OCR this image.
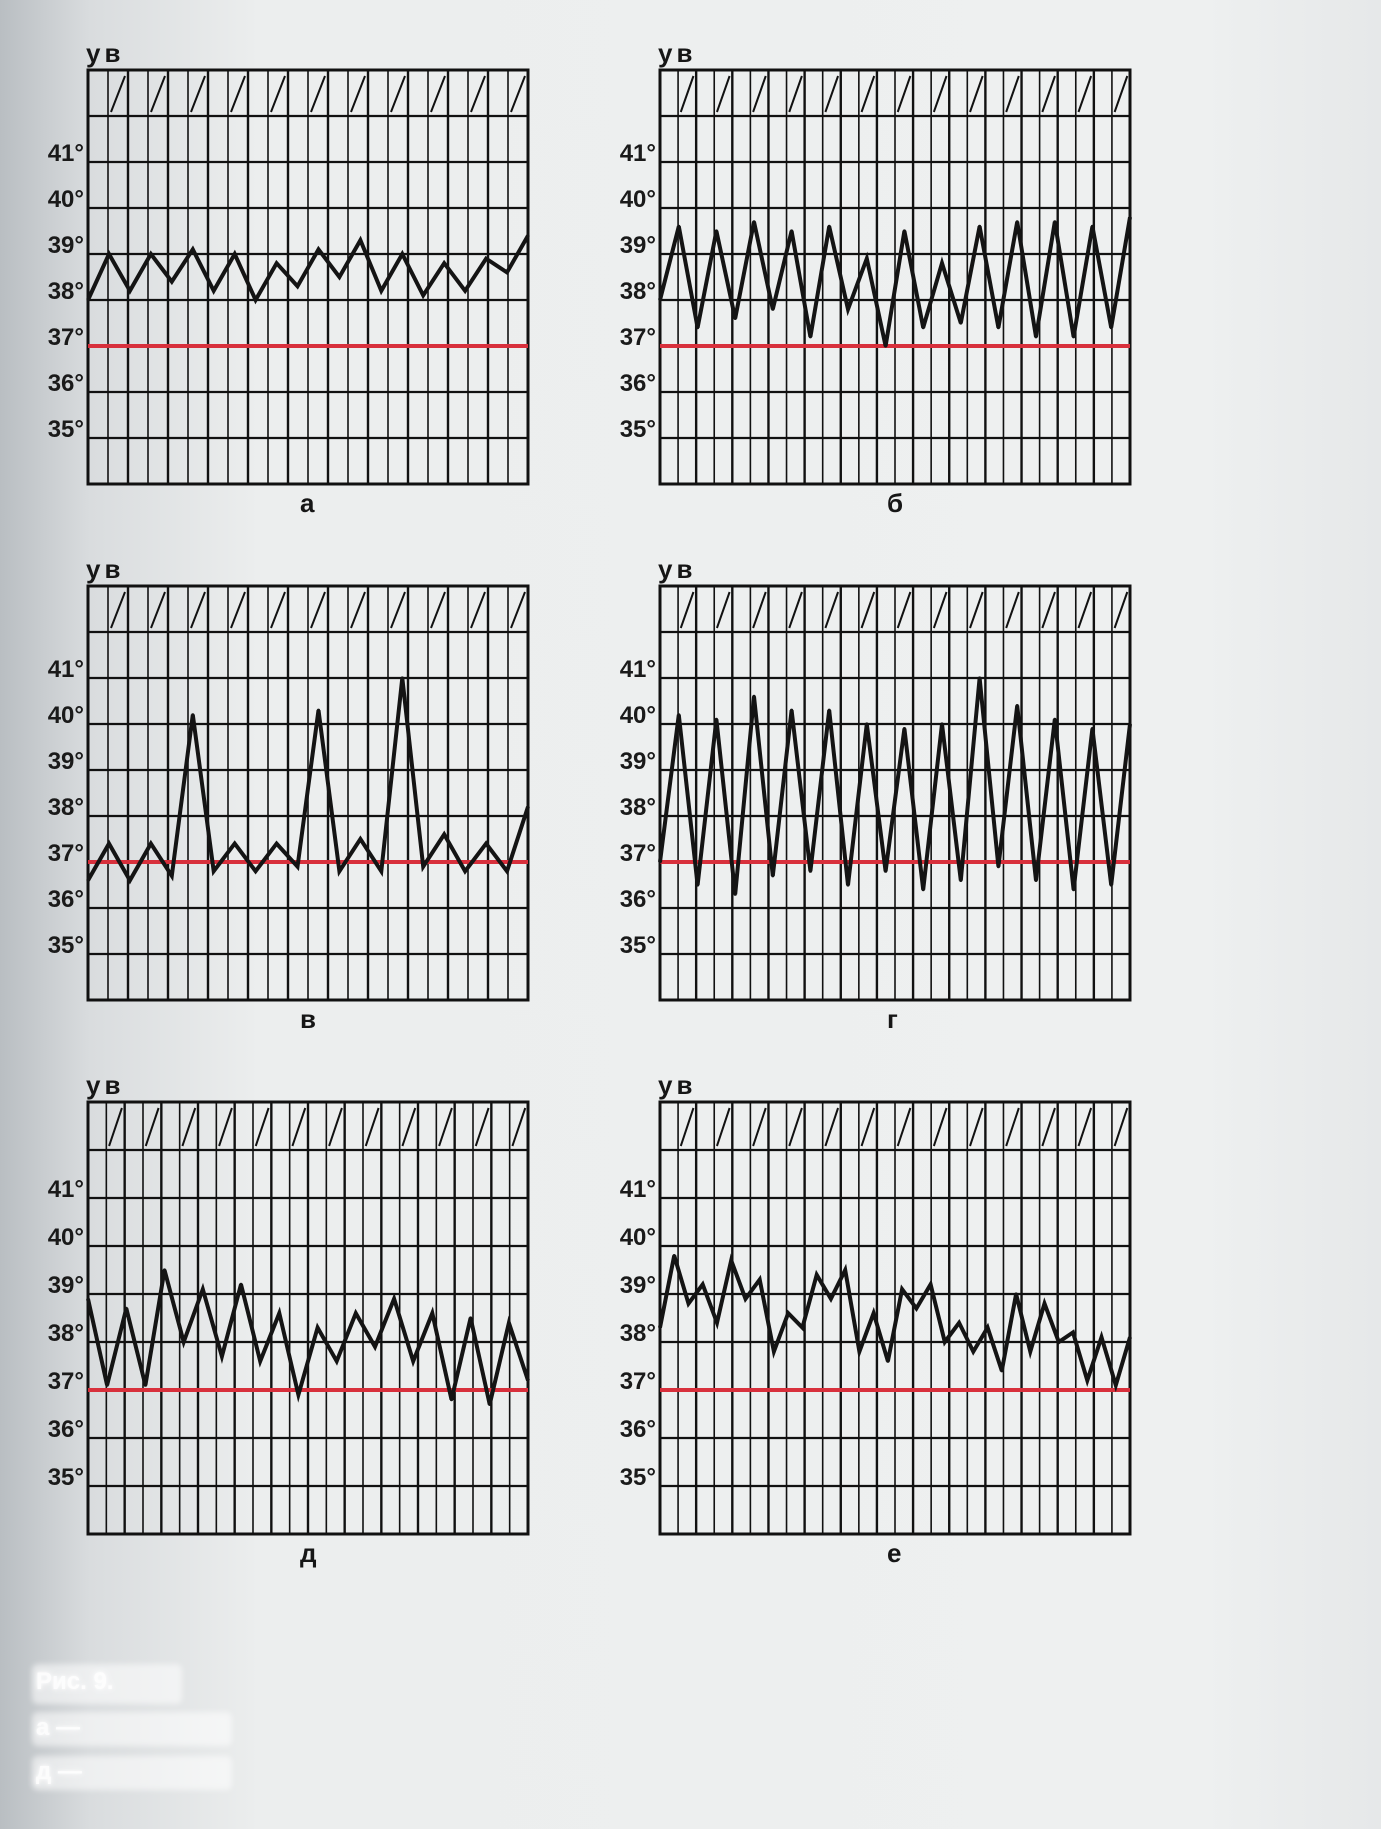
ув
35°
36°
37°
38°
39°
40°
41°
а
ув
35°
36°
37°
38°
39°
40°
41°
б
ув
35°
36°
37°
38°
39°
40°
41°
в
ув
35°
36°
37°
38°
39°
40°
41°
г
ув
35°
36°
37°
38°
39°
40°
41°
д
ув
35°
36°
37°
38°
39°
40°
41°
е
Рис. 9.
а —
д —
